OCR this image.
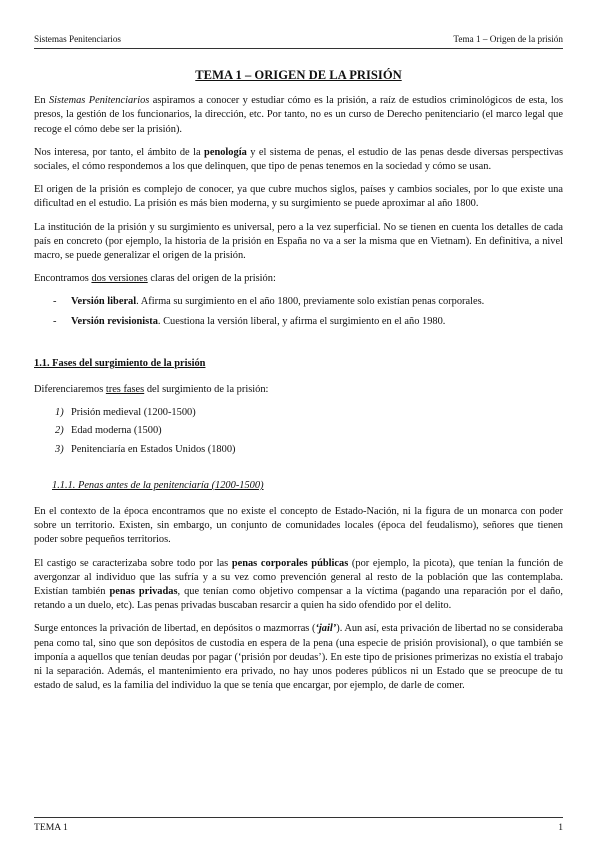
Sistemas Penitenciarios	Tema 1 – Origen de la prisión
TEMA 1 – ORIGEN DE LA PRISIÓN

En Sistemas Penitenciarios aspiramos a conocer y estudiar cómo es la prisión, a raíz de estudios criminológicos de esta, los presos, la gestión de los funcionarios, la dirección, etc. Por tanto, no es un curso de Derecho penitenciario (el marco legal que recoge el cómo debe ser la prisión).

Nos interesa, por tanto, el ámbito de la penología y el sistema de penas, el estudio de las penas desde diversas perspectivas sociales, el cómo respondemos a los que delinquen, que tipo de penas tenemos en la sociedad y cómo se usan.

El origen de la prisión es complejo de conocer, ya que cubre muchos siglos, países y cambios sociales, por lo que existe una dificultad en el estudio. La prisión es más bien moderna, y su surgimiento se puede aproximar al año 1800.

La institución de la prisión y su surgimiento es universal, pero a la vez superficial. No se tienen en cuenta los detalles de cada país en concreto (por ejemplo, la historia de la prisión en España no va a ser la misma que en Vietnam). En definitiva, a nivel macro, se puede generalizar el origen de la prisión.

Encontramos dos versiones claras del origen de la prisión:

- Versión liberal. Afirma su surgimiento en el año 1800, previamente solo existían penas corporales.
- Versión revisionista. Cuestiona la versión liberal, y afirma el surgimiento en el año 1980.
1.1. Fases del surgimiento de la prisión

Diferenciaremos tres fases del surgimiento de la prisión:

1) Prisión medieval (1200-1500)
2) Edad moderna (1500)
3) Penitenciaría en Estados Unidos (1800)
1.1.1. Penas antes de la penitenciaría (1200-1500)

En el contexto de la época encontramos que no existe el concepto de Estado-Nación, ni la figura de un monarca con poder sobre un territorio. Existen, sin embargo, un conjunto de comunidades locales (época del feudalismo), señores que tienen poder sobre pequeños territorios.

El castigo se caracterizaba sobre todo por las penas corporales públicas (por ejemplo, la picota), que tenían la función de avergonzar al individuo que las sufría y a su vez como prevención general al resto de la población que las contemplaba. Existían también penas privadas, que tenían como objetivo compensar a la víctima (pagando una reparación por el daño, retando a un duelo, etc). Las penas privadas buscaban resarcir a quien ha sido ofendido por el delito.

Surge entonces la privación de libertad, en depósitos o mazmorras (‘jail’). Aun así, esta privación de libertad no se consideraba pena como tal, sino que son depósitos de custodia en espera de la pena (una especie de prisión provisional), o que también se imponía a aquellos que tenían deudas por pagar (‘prisión por deudas’). En este tipo de prisiones primerizas no existía el trabajo ni la separación. Además, el mantenimiento era privado, no hay unos poderes públicos ni un Estado que se preocupe de tu estado de salud, es la familia del individuo la que se tenía que encargar, por ejemplo, de darle de comer.

TEMA 1	1
